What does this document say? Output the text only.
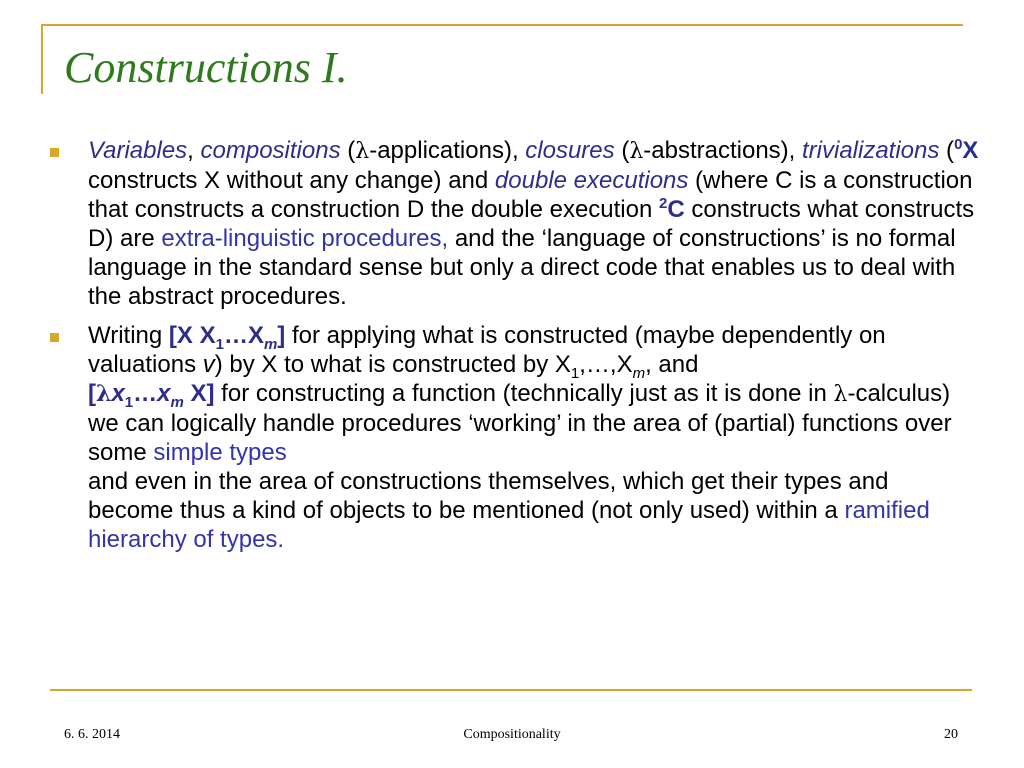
Constructions I.
Variables, compositions (λ-applications), closures (λ-abstractions), trivializations ($^0$X constructs X without any change) and double executions (where C is a construction that constructs a construction D the double execution $^2$C constructs what constructs D) are extra-linguistic procedures, and the ‘language of constructions’ is no formal language in the standard sense but only a direct code that enables us to deal with the abstract procedures.
Writing [X $X_1\dots X_m$] for applying what is constructed (maybe dependently on valuations v) by X to what is constructed by $X_1,\dots,X_m$, and
[$\lambda x_1\dots x_m$ X] for constructing a function (technically just as it is done in λ-calculus)
we can logically handle procedures ‘working’ in the area of (partial) functions over some simple types
and even in the area of constructions themselves, which get their types and become thus a kind of objects to be mentioned (not only used) within a ramified hierarchy of types.
6. 6. 2014	Compositionality	20
